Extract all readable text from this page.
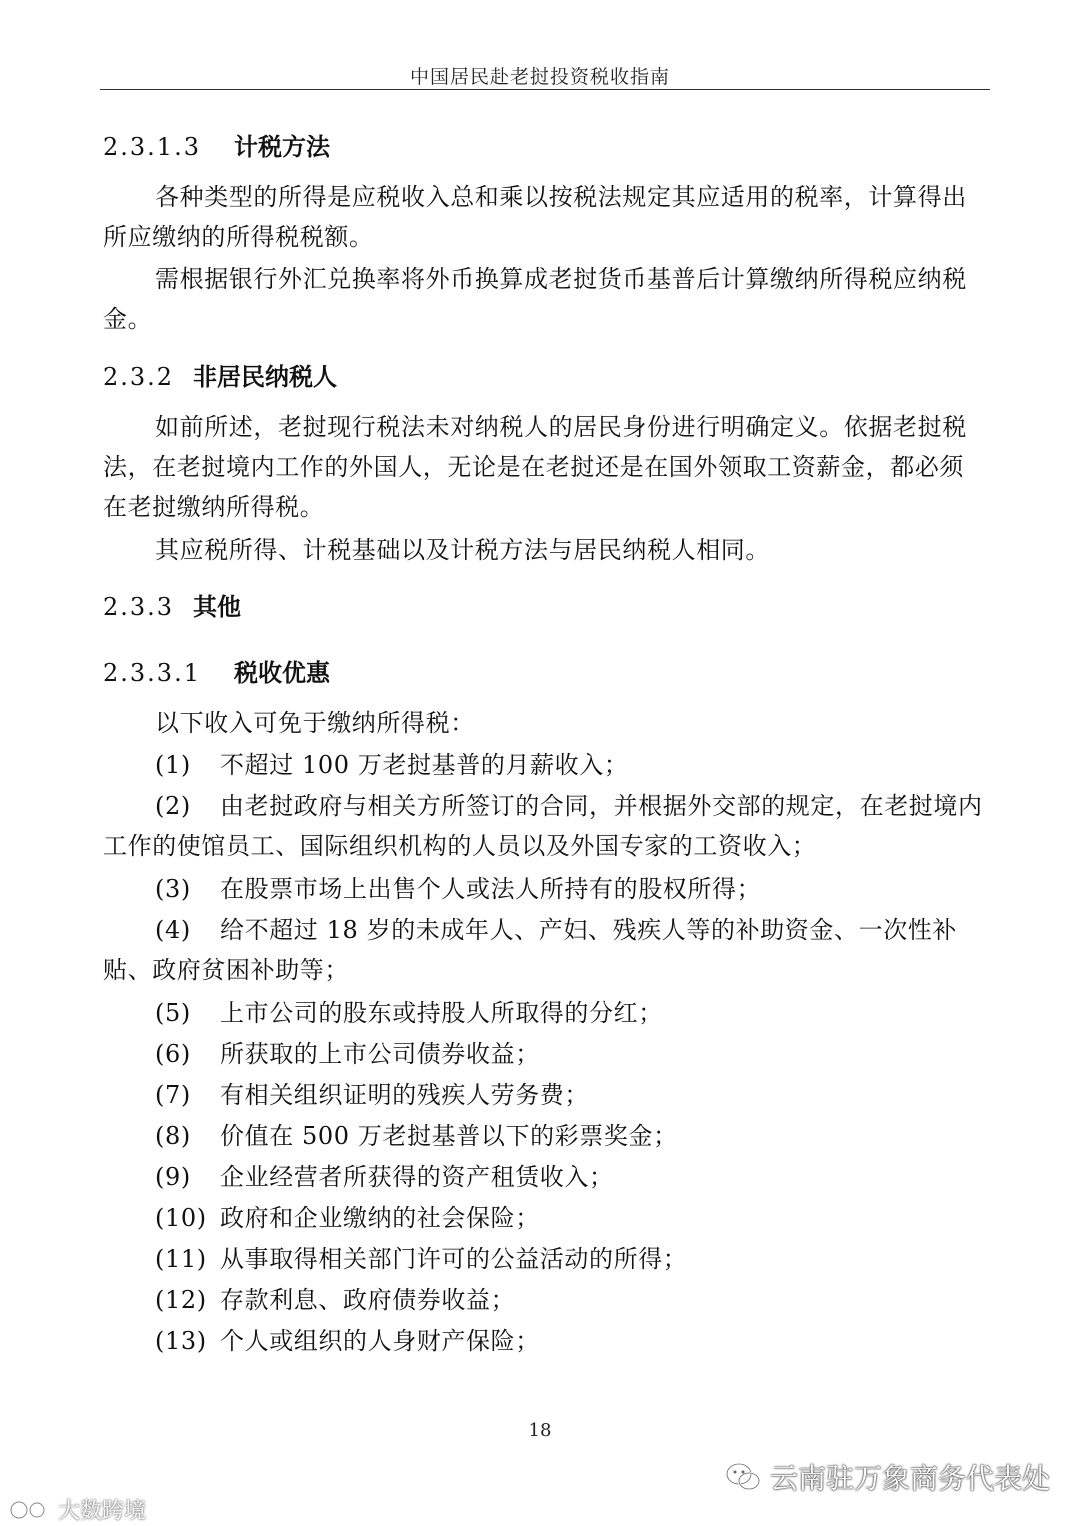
中国居民赴老挝投资税收指南
2.3.1.3 计税方法
各种类型的所得是应税收入总和乘以按税法规定其应适用的税率，计算得出所应缴纳的所得税税额。
需根据银行外汇兑换率将外币换算成老挝货币基普后计算缴纳所得税应纳税金。
2.3.2 非居民纳税人
如前所述，老挝现行税法未对纳税人的居民身份进行明确定义。依据老挝税法，在老挝境内工作的外国人，无论是在老挝还是在国外领取工资薪金，都必须在老挝缴纳所得税。
其应税所得、计税基础以及计税方法与居民纳税人相同。
2.3.3 其他
2.3.3.1 税收优惠
以下收入可免于缴纳所得税：
(1) 不超过 100 万老挝基普的月薪收入；
(2) 由老挝政府与相关方所签订的合同，并根据外交部的规定，在老挝境内工作的使馆员工、国际组织机构的人员以及外国专家的工资收入；
(3) 在股票市场上出售个人或法人所持有的股权所得；
(4) 给不超过 18 岁的未成年人、产妇、残疾人等的补助资金、一次性补贴、政府贫困补助等；
(5) 上市公司的股东或持股人所取得的分红；
(6) 所获取的上市公司债券收益；
(7) 有相关组织证明的残疾人劳务费；
(8) 价值在 500 万老挝基普以下的彩票奖金；
(9) 企业经营者所获得的资产租赁收入；
(10) 政府和企业缴纳的社会保险；
(11) 从事取得相关部门许可的公益活动的所得；
(12) 存款利息、政府债券收益；
(13) 个人或组织的人身财产保险；
18
云南驻万象商务代表处
大数跨境
